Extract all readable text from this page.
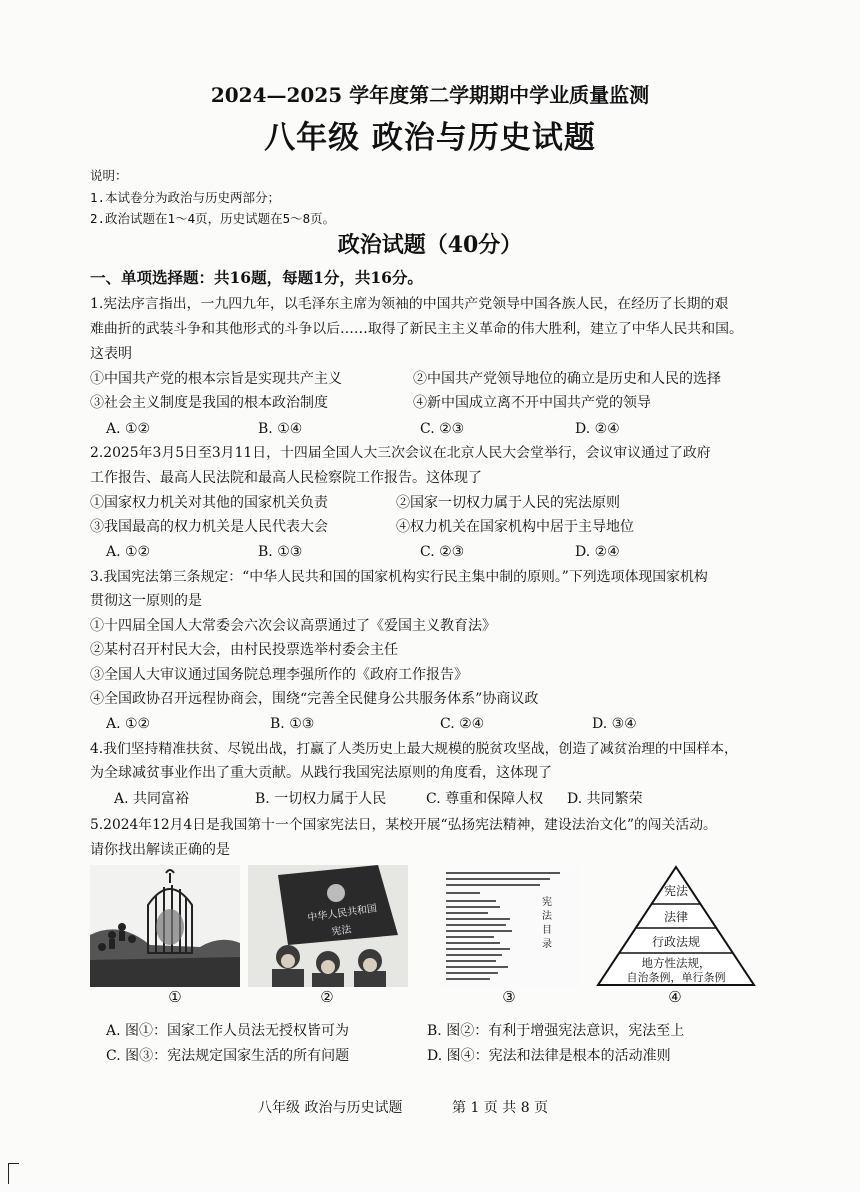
2024—2025 学年度第二学期期中学业质量监测
八年级 政治与历史试题
说明：
1.本试卷分为政治与历史两部分；
2.政治试题在1～4页，历史试题在5～8页。
政治试题（40分）
一、单项选择题：共16题，每题1分，共16分。
1.宪法序言指出，一九四九年，以毛泽东主席为领袖的中国共产党领导中国各族人民，在经历了长期的艰
难曲折的武装斗争和其他形式的斗争以后……取得了新民主主义革命的伟大胜利，建立了中华人民共和国。
这表明
①中国共产党的根本宗旨是实现共产主义	②中国共产党领导地位的确立是历史和人民的选择
③社会主义制度是我国的根本政治制度	④新中国成立离不开中国共产党的领导
A. ①②	B. ①④	C. ②③	D. ②④
2.2025年3月5日至3月11日，十四届全国人大三次会议在北京人民大会堂举行，会议审议通过了政府
工作报告、最高人民法院和最高人民检察院工作报告。这体现了
①国家权力机关对其他的国家机关负责	②国家一切权力属于人民的宪法原则
③我国最高的权力机关是人民代表大会	④权力机关在国家机构中居于主导地位
A. ①②	B. ①③	C. ②③	D. ②④
3.我国宪法第三条规定：“中华人民共和国的国家机构实行民主集中制的原则。”下列选项体现国家机构
贯彻这一原则的是
①十四届全国人大常委会六次会议高票通过了《爱国主义教育法》
②某村召开村民大会，由村民投票选举村委会主任
③全国人大审议通过国务院总理李强所作的《政府工作报告》
④全国政协召开远程协商会，围绕“完善全民健身公共服务体系”协商议政
A. ①②	B. ①③	C. ②④	D. ③④
4.我们坚持精准扶贫、尽锐出战，打赢了人类历史上最大规模的脱贫攻坚战，创造了减贫治理的中国样本，
为全球减贫事业作出了重大贡献。从践行我国宪法原则的角度看，这体现了
A. 共同富裕	B. 一切权力属于人民	C. 尊重和保障人权 D. 共同繁荣
5.2024年12月4日是我国第十一个国家宪法日，某校开展“弘扬宪法精神，建设法治文化”的闯关活动。
请你找出解读正确的是
中华人民共和国
宪法
宪
法
目
录
宪法
法律
行政法规
地方性法规，
自治条例，单行条例
①	②	③	④
A. 图①：国家工作人员法无授权皆可为	B. 图②：有利于增强宪法意识，宪法至上
C. 图③：宪法规定国家生活的所有问题	D. 图④：宪法和法律是根本的活动准则
八年级 政治与历史试题	第 1 页 共 8 页
